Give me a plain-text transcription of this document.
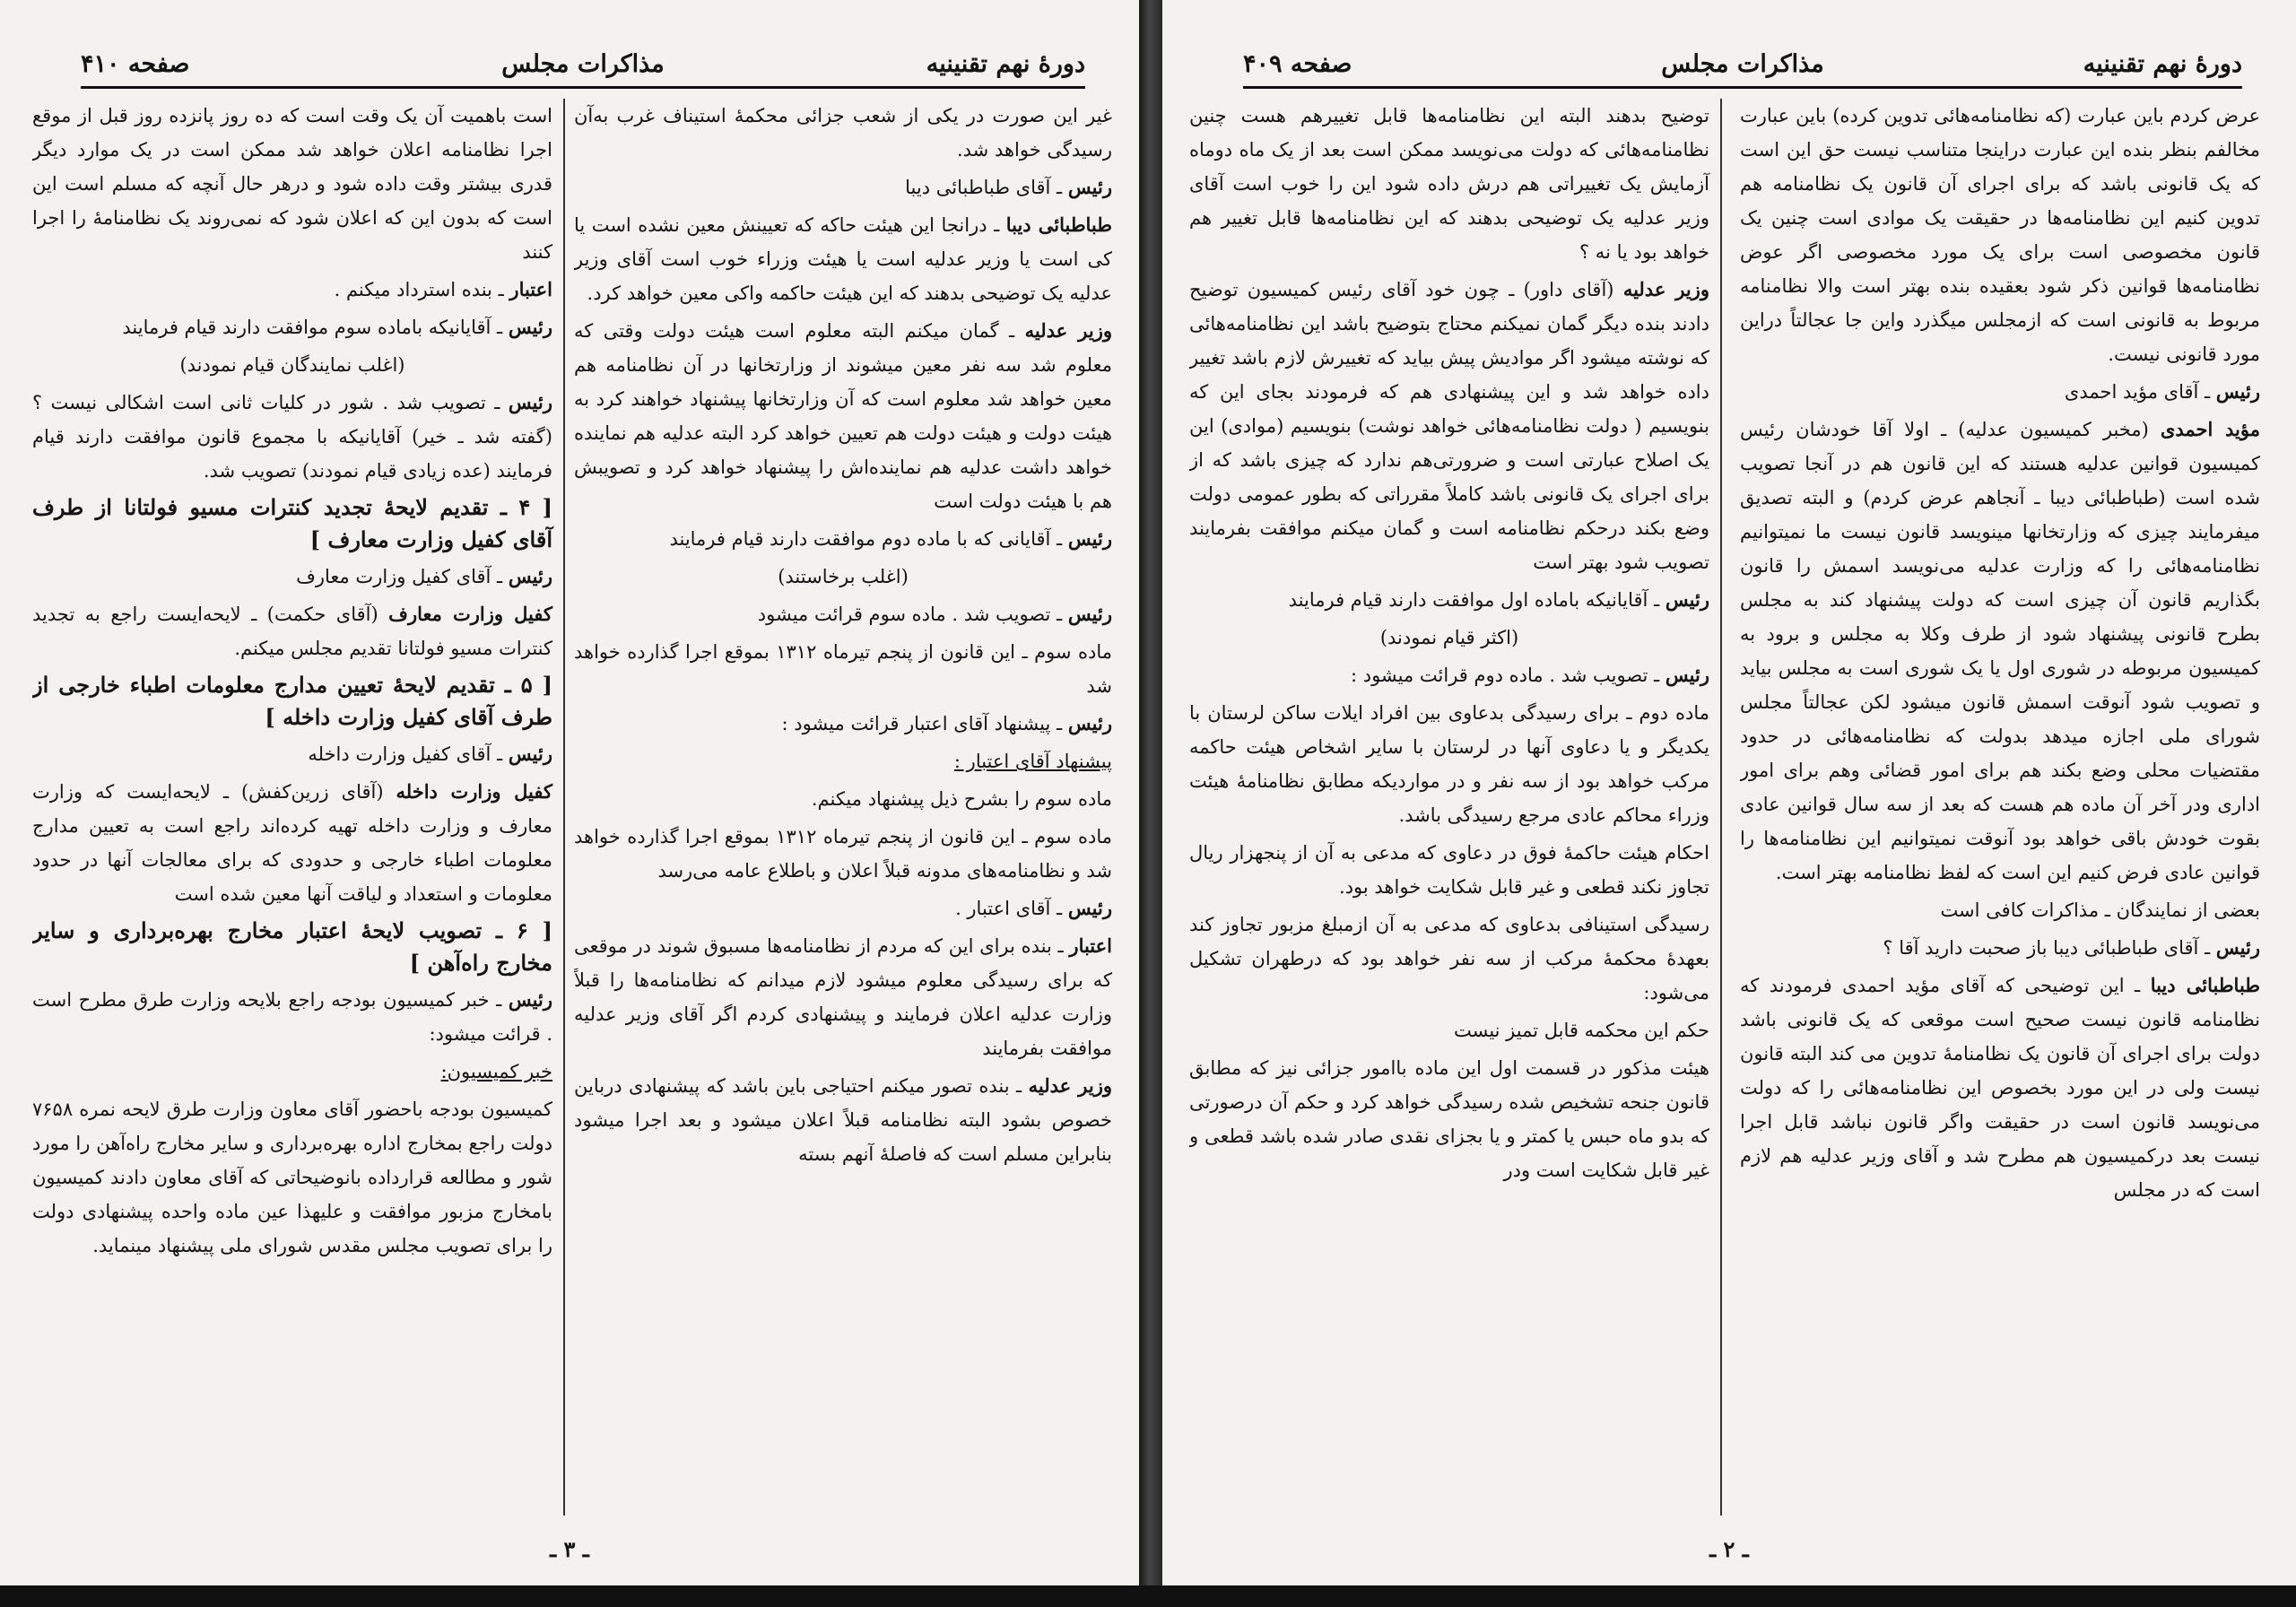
دورهٔ نهم تقنینیه
مذاکرات مجلس
صفحه ۴۱۰

غیر این صورت در یکی از شعب جزائی محکمهٔ استیناف غرب به‌آن رسیدگی خواهد شد.

رئیس ـ آقای طباطبائی دیبا

طباطبائی دیبا ـ درانجا این هیئت حاکه که تعیینش معین نشده است یا کی است یا وزیر عدلیه است یا هیئت وزراء خوب است آقای وزیر عدلیه یک توضیحی بدهند که این هیئت حاکمه واکی معین خواهد کرد.

وزیر عدلیه ـ گمان میکنم البته معلوم است هیئت دولت وقتی که معلوم شد سه نفر معین میشوند از وزارتخانها در آن نظامنامه هم معین خواهد شد معلوم است که آن وزارتخانها پیشنهاد خواهند کرد به هیئت دولت و هیئت دولت هم تعیین خواهد کرد البته عدلیه هم نماینده خواهد داشت عدلیه هم نماینده‌اش را پیشنهاد خواهد کرد و تصویبش هم با هیئت دولت است

رئیس ـ آقایانی که با ماده دوم موافقت دارند قیام فرمایند

(اغلب برخاستند)

رئیس ـ تصویب شد . ماده سوم قرائت میشود

ماده سوم ـ این قانون از پنجم تیرماه ۱۳۱۲ بموقع اجرا گذارده خواهد شد

رئیس ـ پیشنهاد آقای اعتبار قرائت میشود :

پیشنهاد آقای اعتبار :

ماده سوم را بشرح ذیل پیشنهاد میکنم.

ماده سوم ـ این قانون از پنجم تیرماه ۱۳۱۲ بموقع اجرا گذارده خواهد شد و نظامنامه‌های مدونه قبلاً اعلان و باطلاع عامه می‌رسد

رئیس ـ آقای اعتبار .

اعتبار ـ بنده برای این که مردم از نظامنامه‌ها مسبوق شوند در موقعی که برای رسیدگی معلوم میشود لازم میدانم که نظامنامه‌ها را قبلاً وزارت عدلیه اعلان فرمایند و پیشنهادی کردم اگر آقای وزیر عدلیه موافقت بفرمایند

وزیر عدلیه ـ بنده تصور میکنم احتیاجی باین باشد که پیشنهادی درباین خصوص بشود البته نظامنامه قبلاً اعلان میشود و بعد اجرا میشود بنابراین مسلم است که فاصلهٔ آنهم بسته

است باهمیت آن یک وقت است که ده روز پانزده روز قبل از موقع اجرا نظامنامه اعلان خواهد شد ممکن است در یک موارد دیگر قدری بیشتر وقت داده شود و درهر حال آنچه که مسلم است این است که بدون این که اعلان شود که نمی‌روند یک نظامنامهٔ را اجرا کنند

اعتبار ـ بنده استرداد میکنم .

رئیس ـ آقایانیکه باماده سوم موافقت دارند قیام فرمایند

(اغلب نمایندگان قیام نمودند)

رئیس ـ تصویب شد . شور در کلیات ثانی است اشکالی نیست ؟ (گفته شد ـ خیر) آقایانیکه با مجموع قانون موافقت دارند قیام فرمایند (عده زیادی قیام نمودند) تصویب شد.

[ ۴ ـ تقدیم لایحهٔ تجدید کنترات مسیو فولتانا از طرف آقای کفیل وزارت معارف ]

رئیس ـ آقای کفیل وزارت معارف

کفیل وزارت معارف (آقای حکمت) ـ لایحه‌ایست راجع به تجدید کنترات مسیو فولتانا تقدیم مجلس میکنم.

[ ۵ ـ تقدیم لایحهٔ تعیین مدارج معلومات اطباء خارجی از طرف آقای کفیل وزارت داخله ]

رئیس ـ آقای کفیل وزارت داخله

کفیل وزارت داخله (آقای زرین‌کفش) ـ لایحه‌ایست که وزارت معارف و وزارت داخله تهیه کرده‌اند راجع است به تعیین مدارج معلومات اطباء خارجی و حدودی که برای معالجات آنها در حدود معلومات و استعداد و لیاقت آنها معین شده است

[ ۶ ـ تصویب لایحهٔ اعتبار مخارج بهره‌برداری و سایر مخارج راه‌آهن ]

رئیس ـ خبر کمیسیون بودجه راجع بلایحه وزارت طرق مطرح است . قرائت میشود:

خبر کمیسیون:

کمیسیون بودجه باحضور آقای معاون وزارت طرق لایحه نمره ۷۶۵۸ دولت راجع بمخارج اداره بهره‌برداری و سایر مخارج راه‌آهن را مورد شور و مطالعه قرارداده بانوضیحاتی که آقای معاون دادند کمیسیون بامخارج مزبور موافقت و علیهذا عین ماده واحده پیشنهادی دولت را برای تصویب مجلس مقدس شورای ملی پیشنهاد مینماید.

ـ ۳ ـ
دورهٔ نهم تقنینیه
مذاکرات مجلس
صفحه ۴۰۹

عرض کردم باین عبارت (که نظامنامه‌هائی تدوین کرده) باین عبارت مخالفم بنظر بنده این عبارت دراینجا متناسب نیست حق این است که یک قانونی باشد که برای اجرای آن قانون یک نظامنامه هم تدوین کنیم این نظامنامه‌ها در حقیقت یک موادی است چنین یک قانون مخصوصی است برای یک مورد مخصوصی اگر عوض نظامنامه‌ها قوانین ذکر شود بعقیده بنده بهتر است والا نظامنامه مربوط به قانونی است که ازمجلس میگذرد واین جا عجالتاً دراین مورد قانونی نیست.

رئیس ـ آقای مؤید احمدی

مؤید احمدی (مخبر کمیسیون عدلیه) ـ اولا آقا خودشان رئیس کمیسیون قوانین عدلیه هستند که این قانون هم در آنجا تصویب شده است (طباطبائی دیبا ـ آنجاهم عرض کردم) و البته تصدیق میفرمایند چیزی که وزارتخانها مینویسد قانون نیست ما نمیتوانیم نظامنامه‌هائی را که وزارت عدلیه می‌نویسد اسمش را قانون بگذاریم قانون آن چیزی است که دولت پیشنهاد کند به مجلس بطرح قانونی پیشنهاد شود از طرف وکلا به مجلس و برود به کمیسیون مربوطه در شوری اول یا یک شوری است به مجلس بیاید و تصویب شود آنوقت اسمش قانون میشود لکن عجالتاً مجلس شورای ملی اجازه میدهد بدولت که نظامنامه‌هائی در حدود مقتضیات محلی وضع بکند هم برای امور قضائی وهم برای امور اداری ودر آخر آن ماده هم هست که بعد از سه سال قوانین عادی بقوت خودش باقی خواهد بود آنوقت نمیتوانیم این نظامنامه‌ها را قوانین عادی فرض کنیم این است که لفظ نظامنامه بهتر است.

بعضی از نمایندگان ـ مذاکرات کافی است

رئیس ـ آقای طباطبائی دیبا باز صحبت دارید آقا ؟

طباطبائی دیبا ـ این توضیحی که آقای مؤید احمدی فرمودند که نظامنامه قانون نیست صحیح است موقعی که یک قانونی باشد دولت برای اجرای آن قانون یک نظامنامهٔ تدوین می کند البته قانون نیست ولی در این مورد بخصوص این نظامنامه‌هائی را که دولت می‌نویسد قانون است در حقیقت واگر قانون نباشد قابل اجرا نیست بعد درکمیسیون هم مطرح شد و آقای وزیر عدلیه هم لازم است که در مجلس

توضیح بدهند البته این نظامنامه‌ها قابل تغییرهم هست چنین نظامنامه‌هائی که دولت می‌نویسد ممکن است بعد از یک ماه دوماه آزمایش یک تغییراتی هم درش داده شود این را خوب است آقای وزیر عدلیه یک توضیحی بدهند که این نظامنامه‌ها قابل تغییر هم خواهد بود یا نه ؟

وزیر عدلیه (آقای داور) ـ چون خود آقای رئیس کمیسیون توضیح دادند بنده دیگر گمان نمیکنم محتاج بتوضیح باشد این نظامنامه‌هائی که نوشته میشود اگر موادیش پیش بیاید که تغییرش لازم باشد تغییر داده خواهد شد و این پیشنهادی هم که فرمودند بجای این که بنویسیم ( دولت نظامنامه‌هائی خواهد نوشت) بنویسیم (موادی) این یک اصلاح عبارتی است و ضرورتی‌هم ندارد که چیزی باشد که از برای اجرای یک قانونی باشد کاملاً مقرراتی که بطور عمومی دولت وضع بکند درحکم نظامنامه است و گمان میکنم موافقت بفرمایند تصویب شود بهتر است

رئیس ـ آقایانیکه باماده اول موافقت دارند قیام فرمایند

(اکثر قیام نمودند)

رئیس ـ تصویب شد . ماده دوم قرائت میشود :

ماده دوم ـ برای رسیدگی بدعاوی بین افراد ایلات ساکن لرستان با یکدیگر و یا دعاوی آنها در لرستان با سایر اشخاص هیئت حاکمه مرکب خواهد بود از سه نفر و در مواردیکه مطابق نظامنامهٔ هیئت وزراء محاکم عادی مرجع رسیدگی باشد.

احکام هیئت حاکمهٔ فوق در دعاوی که مدعی به آن از پنجهزار ریال تجاوز نکند قطعی و غیر قابل شکایت خواهد بود.

رسیدگی استینافی بدعاوی که مدعی به آن ازمبلغ مزبور تجاوز کند بعهدهٔ محکمهٔ مرکب از سه نفر خواهد بود که درطهران تشکیل می‌شود:

حکم این محکمه قابل تمیز نیست

هیئت مذکور در قسمت اول این ماده باامور جزائی نیز که مطابق قانون جنحه تشخیص شده رسیدگی خواهد کرد و حکم آن درصورتی که بدو ماه حبس یا کمتر و یا بجزای نقدی صادر شده باشد قطعی و غیر قابل شکایت است ودر

ـ ۲ ـ
